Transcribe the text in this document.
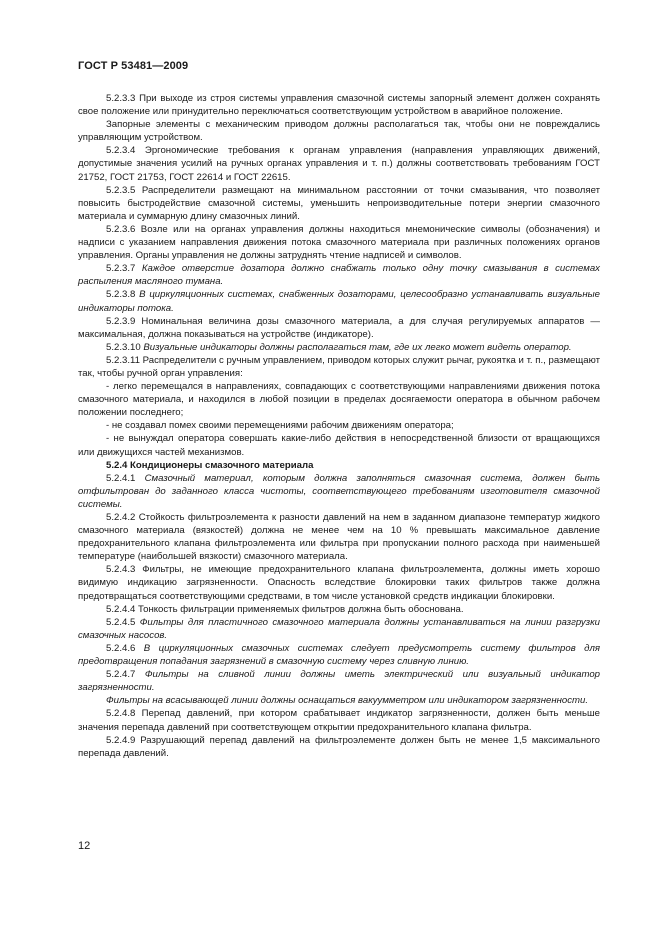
ГОСТ Р 53481—2009

5.2.3.3 При выходе из строя системы управления смазочной системы запорный элемент должен сохранять свое положение или принудительно переключаться соответствующим устройством в аварийное положение.

Запорные элементы с механическим приводом должны располагаться так, чтобы они не повреждались управляющим устройством.

5.2.3.4 Эргономические требования к органам управления (направления управляющих движений, допустимые значения усилий на ручных органах управления и т. п.) должны соответствовать требованиям ГОСТ 21752, ГОСТ 21753, ГОСТ 22614 и ГОСТ 22615.

5.2.3.5 Распределители размещают на минимальном расстоянии от точки смазывания, что позволяет повысить быстродействие смазочной системы, уменьшить непроизводительные потери энергии смазочного материала и суммарную длину смазочных линий.

5.2.3.6 Возле или на органах управления должны находиться мнемонические символы (обозначения) и надписи с указанием направления движения потока смазочного материала при различных положениях органов управления. Органы управления не должны затруднять чтение надписей и символов.

5.2.3.7 Каждое отверстие дозатора должно снабжать только одну точку смазывания в системах распыления масляного тумана.

5.2.3.8 В циркуляционных системах, снабженных дозаторами, целесообразно устанавливать визуальные индикаторы потока.

5.2.3.9 Номинальная величина дозы смазочного материала, а для случая регулируемых аппаратов — максимальная, должна показываться на устройстве (индикаторе).

5.2.3.10 Визуальные индикаторы должны располагаться там, где их легко может видеть оператор.

5.2.3.11 Распределители с ручным управлением, приводом которых служит рычаг, рукоятка и т. п., размещают так, чтобы ручной орган управления:

- легко перемещался в направлениях, совпадающих с соответствующими направлениями движения потока смазочного материала, и находился в любой позиции в пределах досягаемости оператора в обычном рабочем положении последнего;

- не создавал помех своими перемещениями рабочим движениям оператора;

- не вынуждал оператора совершать какие-либо действия в непосредственной близости от вращающихся или движущихся частей механизмов.

5.2.4 Кондиционеры смазочного материала

5.2.4.1 Смазочный материал, которым должна заполняться смазочная система, должен быть отфильтрован до заданного класса чистоты, соответствующего требованиям изготовителя смазочной системы.

5.2.4.2 Стойкость фильтроэлемента к разности давлений на нем в заданном диапазоне температур жидкого смазочного материала (вязкостей) должна не менее чем на 10 % превышать максимальное давление предохранительного клапана фильтроэлемента или фильтра при пропускании полного расхода при наименьшей температуре (наибольшей вязкости) смазочного материала.

5.2.4.3 Фильтры, не имеющие предохранительного клапана фильтроэлемента, должны иметь хорошо видимую индикацию загрязненности. Опасность вследствие блокировки таких фильтров также должна предотвращаться соответствующими средствами, в том числе установкой средств индикации блокировки.

5.2.4.4 Тонкость фильтрации применяемых фильтров должна быть обоснована.

5.2.4.5 Фильтры для пластичного смазочного материала должны устанавливаться на линии разгрузки смазочных насосов.

5.2.4.6 В циркуляционных смазочных системах следует предусмотреть систему фильтров для предотвращения попадания загрязнений в смазочную систему через сливную линию.

5.2.4.7 Фильтры на сливной линии должны иметь электрический или визуальный индикатор загрязненности.

Фильтры на всасывающей линии должны оснащаться вакуумметром или индикатором загрязненности.

5.2.4.8 Перепад давлений, при котором срабатывает индикатор загрязненности, должен быть меньше значения перепада давлений при соответствующем открытии предохранительного клапана фильтра.

5.2.4.9 Разрушающий перепад давлений на фильтроэлементе должен быть не менее 1,5 максимального перепада давлений.

12
